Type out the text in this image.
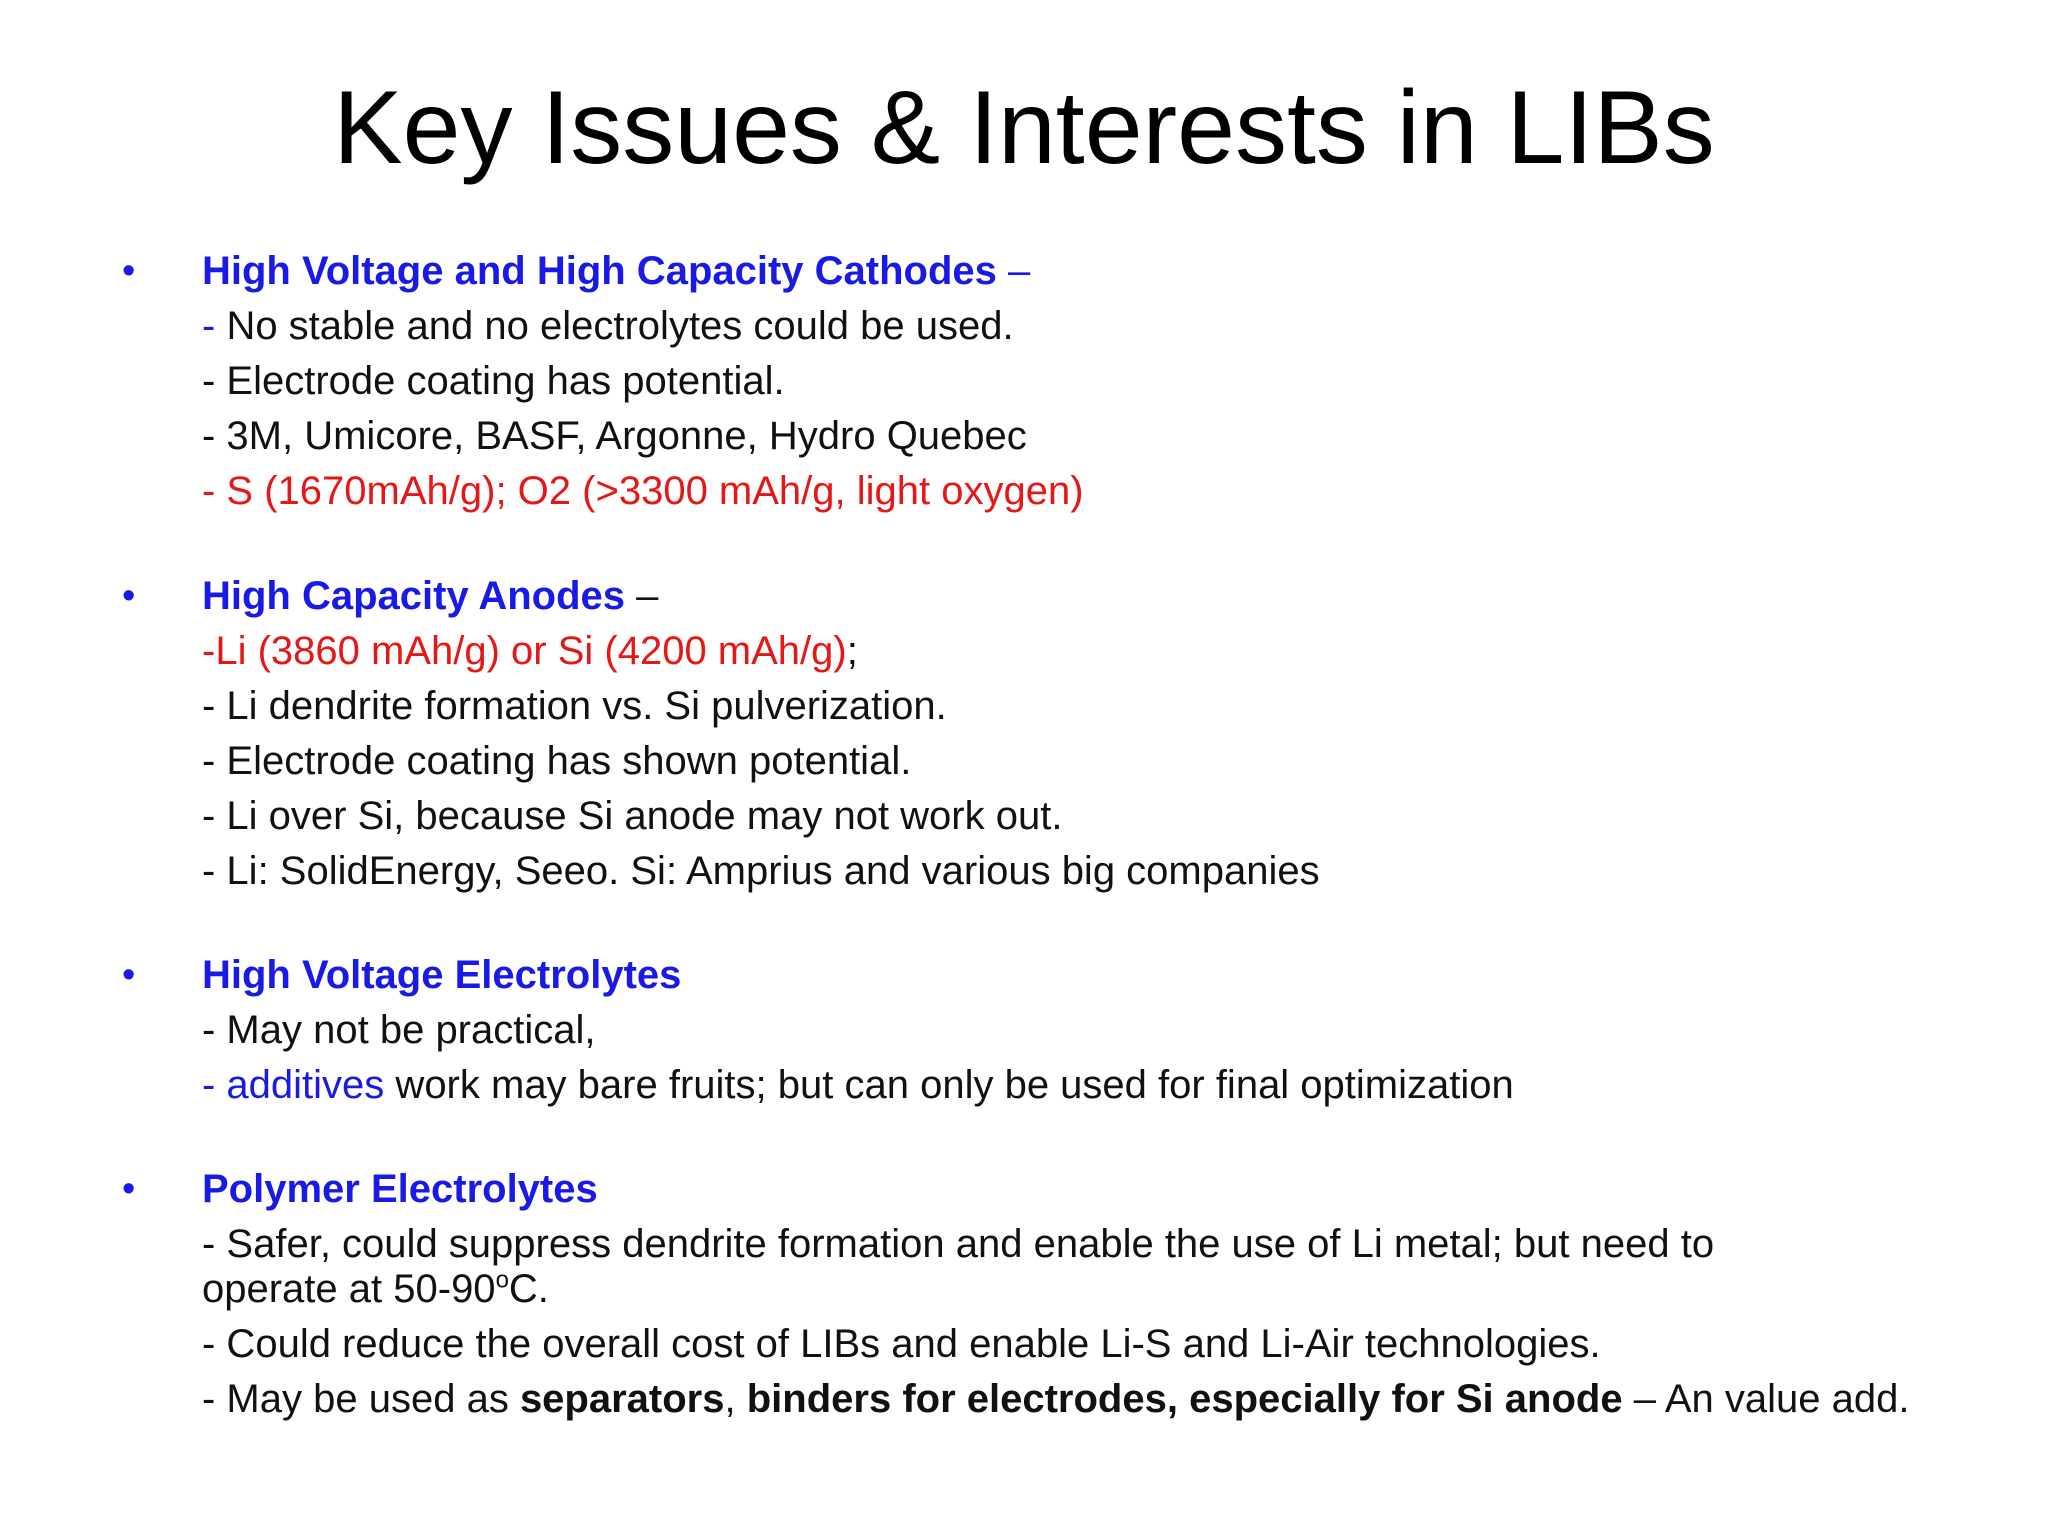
Key Issues & Interests in LIBs
• High Voltage and High Capacity Cathodes –
- No stable and no electrolytes could be used.
- Electrode coating has potential.
- 3M, Umicore, BASF, Argonne, Hydro Quebec
- S (1670mAh/g); O2 (>3300 mAh/g, light oxygen)
• High Capacity Anodes –
-Li (3860 mAh/g) or Si (4200 mAh/g);
- Li dendrite formation vs. Si pulverization.
- Electrode coating has shown potential.
- Li over Si, because Si anode may not work out.
- Li: SolidEnergy, Seeo. Si: Amprius and various big companies
• High Voltage Electrolytes
- May not be practical,
- additives work may bare fruits; but can only be used for final optimization
• Polymer Electrolytes
- Safer, could suppress dendrite formation and enable the use of Li metal; but need to operate at 50-90$^o$C.
- Could reduce the overall cost of LIBs and enable Li-S and Li-Air technologies.
- May be used as separators, binders for electrodes, especially for Si anode – An value add.
